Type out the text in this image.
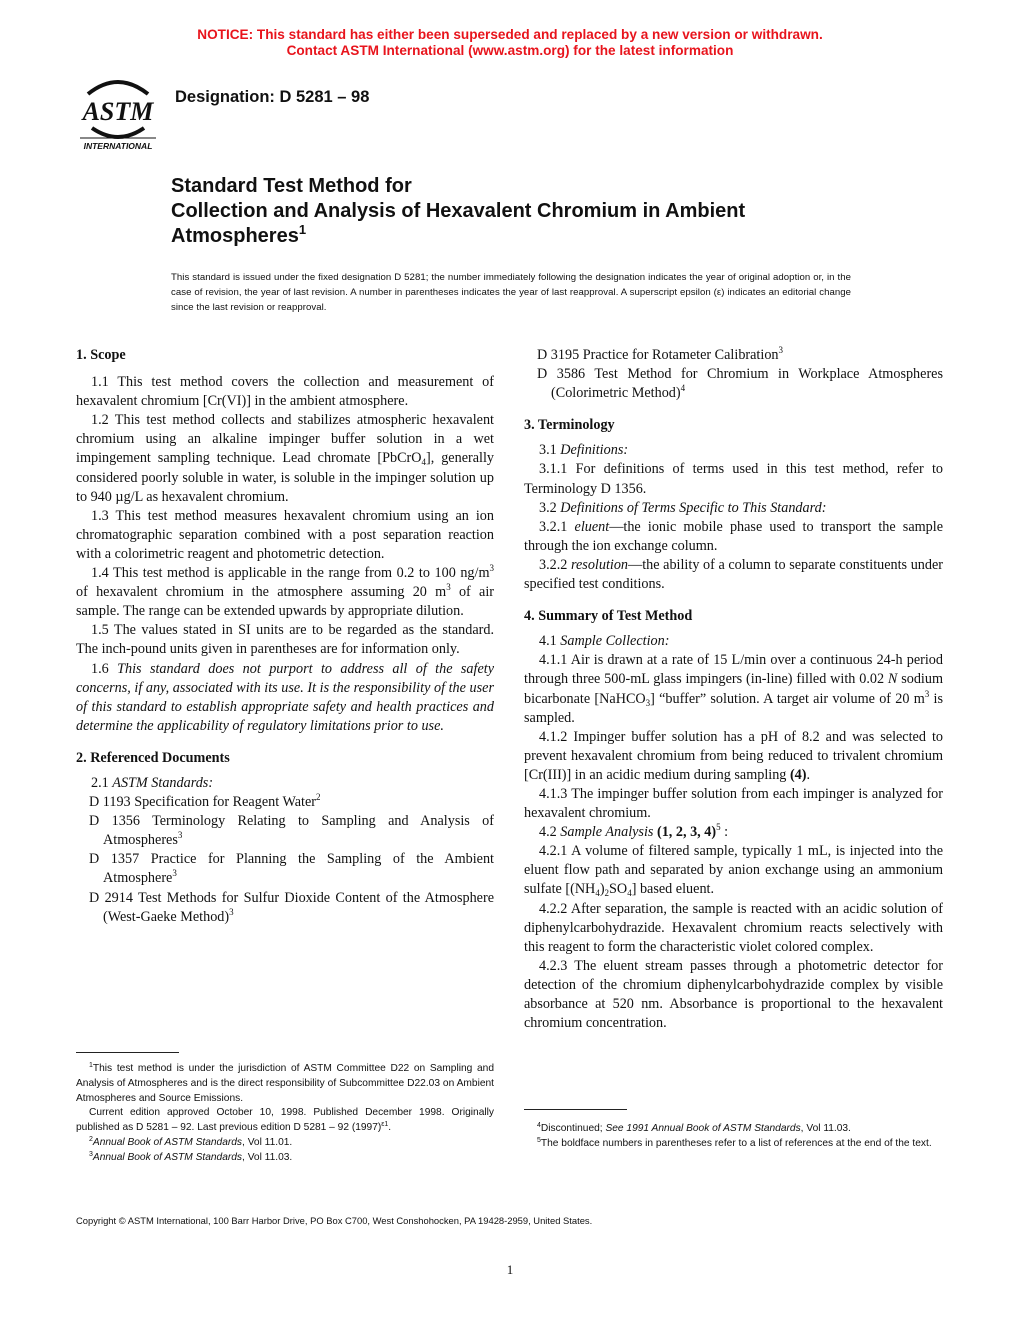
NOTICE: This standard has either been superseded and replaced by a new version or withdrawn.
Contact ASTM International (www.astm.org) for the latest information
ASTM
INTERNATIONAL
Designation: D 5281 – 98
Standard Test Method for
Collection and Analysis of Hexavalent Chromium in Ambient
Atmospheres$^1$
This standard is issued under the fixed designation D 5281; the number immediately following the designation indicates the year of original adoption or, in the case of revision, the year of last revision. A number in parentheses indicates the year of last reapproval. A superscript epsilon (ε) indicates an editorial change since the last revision or reapproval.

1. Scope

1.1 This test method covers the collection and measurement of hexavalent chromium [Cr(VI)] in the ambient atmosphere.

1.2 This test method collects and stabilizes atmospheric hexavalent chromium using an alkaline impinger buffer solution in a wet impingement sampling technique. Lead chromate [PbCrO$_4$], generally considered poorly soluble in water, is soluble in the impinger solution up to 940 µg/L as hexavalent chromium.

1.3 This test method measures hexavalent chromium using an ion chromatographic separation combined with a post separation reaction with a colorimetric reagent and photometric detection.

1.4 This test method is applicable in the range from 0.2 to 100 $ng/m^3$ of hexavalent chromium in the atmosphere assuming 20 $m^3$ of air sample. The range can be extended upwards by appropriate dilution.

1.5 The values stated in SI units are to be regarded as the standard. The inch-pound units given in parentheses are for information only.

1.6 This standard does not purport to address all of the safety concerns, if any, associated with its use. It is the responsibility of the user of this standard to establish appropriate safety and health practices and determine the applicability of regulatory limitations prior to use.

2. Referenced Documents

2.1 ASTM Standards:

D 1193 Specification for Reagent Water$^2$

D 1356 Terminology Relating to Sampling and Analysis of Atmospheres$^3$

D 1357 Practice for Planning the Sampling of the Ambient Atmosphere$^3$

D 2914 Test Methods for Sulfur Dioxide Content of the Atmosphere (West-Gaeke Method)$^3$

D 3195 Practice for Rotameter Calibration$^3$

D 3586 Test Method for Chromium in Workplace Atmospheres (Colorimetric Method)$^4$

3. Terminology

3.1 Definitions:

3.1.1 For definitions of terms used in this test method, refer to Terminology D 1356.

3.2 Definitions of Terms Specific to This Standard:

3.2.1 eluent—the ionic mobile phase used to transport the sample through the ion exchange column.

3.2.2 resolution—the ability of a column to separate constituents under specified test conditions.

4. Summary of Test Method

4.1 Sample Collection:

4.1.1 Air is drawn at a rate of 15 L/min over a continuous 24-h period through three 500-mL glass impingers (in-line) filled with 0.02 N sodium bicarbonate [NaHCO$_3$] “buffer” solution. A target air volume of 20 $m^3$ is sampled.

4.1.2 Impinger buffer solution has a pH of 8.2 and was selected to prevent hexavalent chromium from being reduced to trivalent chromium [Cr(III)] in an acidic medium during sampling (4).

4.1.3 The impinger buffer solution from each impinger is analyzed for hexavalent chromium.

4.2 Sample Analysis (1, 2, 3, 4)$^5$ :

4.2.1 A volume of filtered sample, typically 1 mL, is injected into the eluent flow path and separated by anion exchange using an ammonium sulfate $[(NH_4)_2SO_4]$ based eluent.

4.2.2 After separation, the sample is reacted with an acidic solution of diphenylcarbohydrazide. Hexavalent chromium reacts selectively with this reagent to form the characteristic violet colored complex.

4.2.3 The eluent stream passes through a photometric detector for detection of the chromium diphenylcarbohydrazide complex by visible absorbance at 520 nm. Absorbance is proportional to the hexavalent chromium concentration.

$^1$This test method is under the jurisdiction of ASTM Committee D22 on Sampling and Analysis of Atmospheres and is the direct responsibility of Subcommittee D22.03 on Ambient Atmospheres and Source Emissions.

Current edition approved October 10, 1998. Published December 1998. Originally published as D 5281 – 92. Last previous edition D 5281 – 92 $(1997)^{\varepsilon 1}$.

$^2$Annual Book of ASTM Standards, Vol 11.01.

$^3$Annual Book of ASTM Standards, Vol 11.03.

$^4$Discontinued; See 1991 Annual Book of ASTM Standards, Vol 11.03.

$^5$The boldface numbers in parentheses refer to a list of references at the end of the text.

Copyright © ASTM International, 100 Barr Harbor Drive, PO Box C700, West Conshohocken, PA 19428-2959, United States.
1
